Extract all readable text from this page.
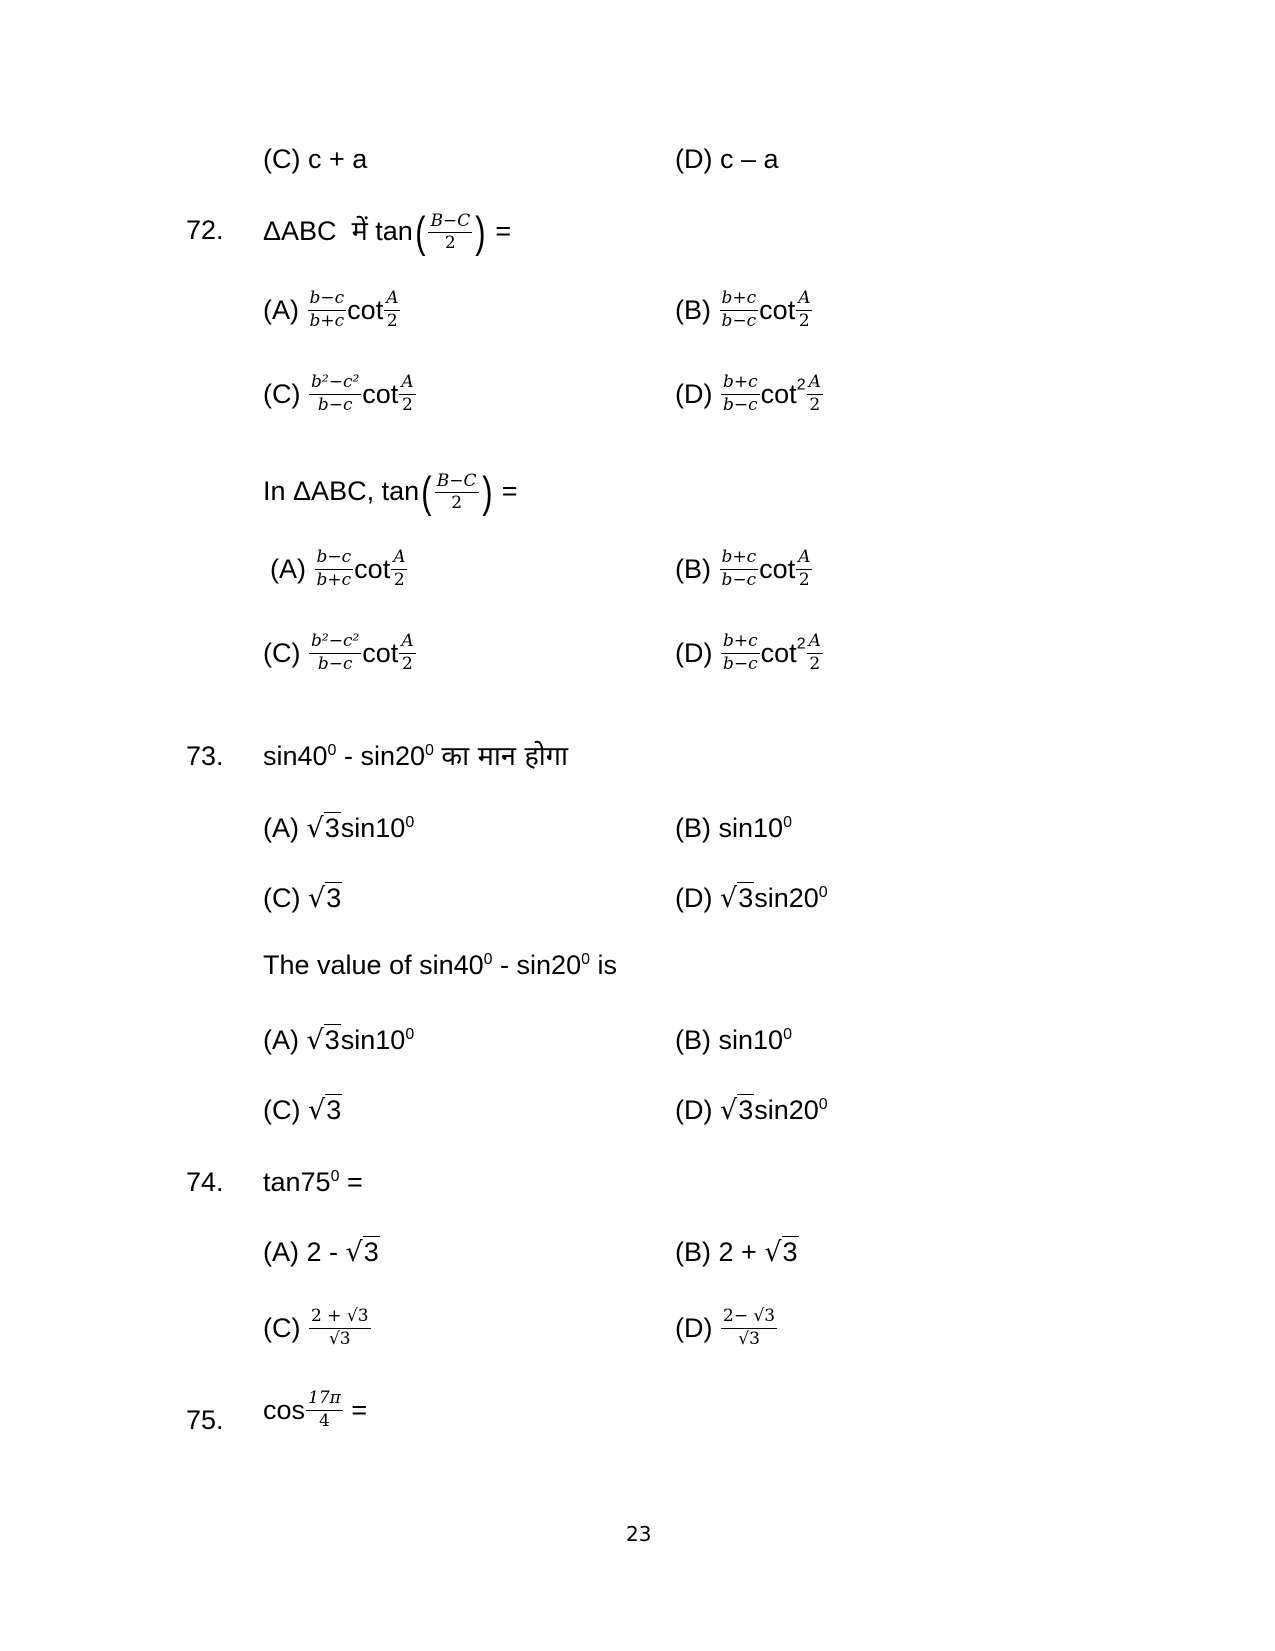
(C) c + a	(D) c – a
72. ΔABC में $\tan( \frac{B-C}{2}$ ) =
$(A) \frac{b-c}{b+c}$ $\cot \frac{A}{2}$	$(B) \frac{b+c}{b-c}$ $\cot \frac{A}{2}$
$(C) \frac{\text{b²−c²}}{b-c}$ $\cot \frac{A}{2}$	$(D) \frac{b+c}{b-c} \cot^2 \frac{A}{2}$
In ΔABC, $\tan( \frac{B-C}{2}$ ) =
$(A) \frac{b-c}{b+c}$ $\cot \frac{A}{2}$	$(B) \frac{b+c}{b-c}$ $\cot \frac{A}{2}$
$(C) \frac{\text{b²−c²}}{b-c}$ $\cot \frac{A}{2}$	$(D) \frac{b+c}{b-c} \cot^2 \frac{A}{2}$
73. $\sin 40^0 - \sin 20^0$ का मान होगा
(A) $√3\sin 10^0$	(B) $\sin 10^0$
(C) √3	(D) $√3\sin 20^0$
The value of $\sin 40^0 - \sin 20^0$ is
(A) $√3\sin 10^0$	(B) $\sin 10^0$
(C) √3	(D) $√3\sin 20^0$
74. $\tan 75^0$ =
(A) 2 - √3	(B) 2 + √3
$(C) \frac{2 + √3}{√3}$	$(D) \frac{2- √3}{√3}$
75. $\cos \frac{17\pi}{4}$ =
23
